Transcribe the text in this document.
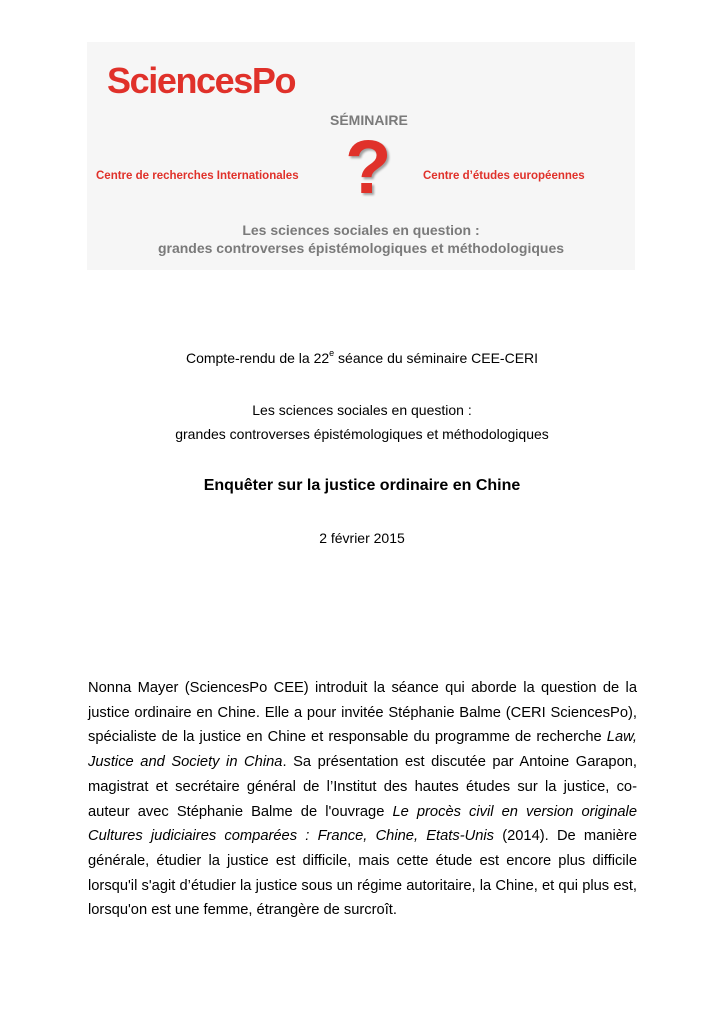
SciencesPo
SÉMINAIRE
Centre de recherches Internationales ?	Centre d’études européennes
Les sciences sociales en question :
grandes controverses épistémologiques et méthodologiques
Compte-rendu de la 22e séance du séminaire CEE-CERI
Les sciences sociales en question :
grandes controverses épistémologiques et méthodologiques
Enquêter sur la justice ordinaire en Chine
2 février 2015
Nonna Mayer (SciencesPo CEE) introduit la séance qui aborde la question de la justice ordinaire en Chine. Elle a pour invitée Stéphanie Balme (CERI SciencesPo), spécialiste de la justice en Chine et responsable du programme de recherche Law, Justice and Society in China. Sa présentation est discutée par Antoine Garapon, magistrat et secrétaire général de l’Institut des hautes études sur la justice, co-auteur avec Stéphanie Balme de l'ouvrage Le procès civil en version originale Cultures judiciaires comparées : France, Chine, Etats-Unis (2014). De manière générale, étudier la justice est difficile, mais cette étude est encore plus difficile lorsqu'il s'agit d’étudier la justice sous un régime autoritaire, la Chine, et qui plus est, lorsqu'on est une femme, étrangère de surcroît.
